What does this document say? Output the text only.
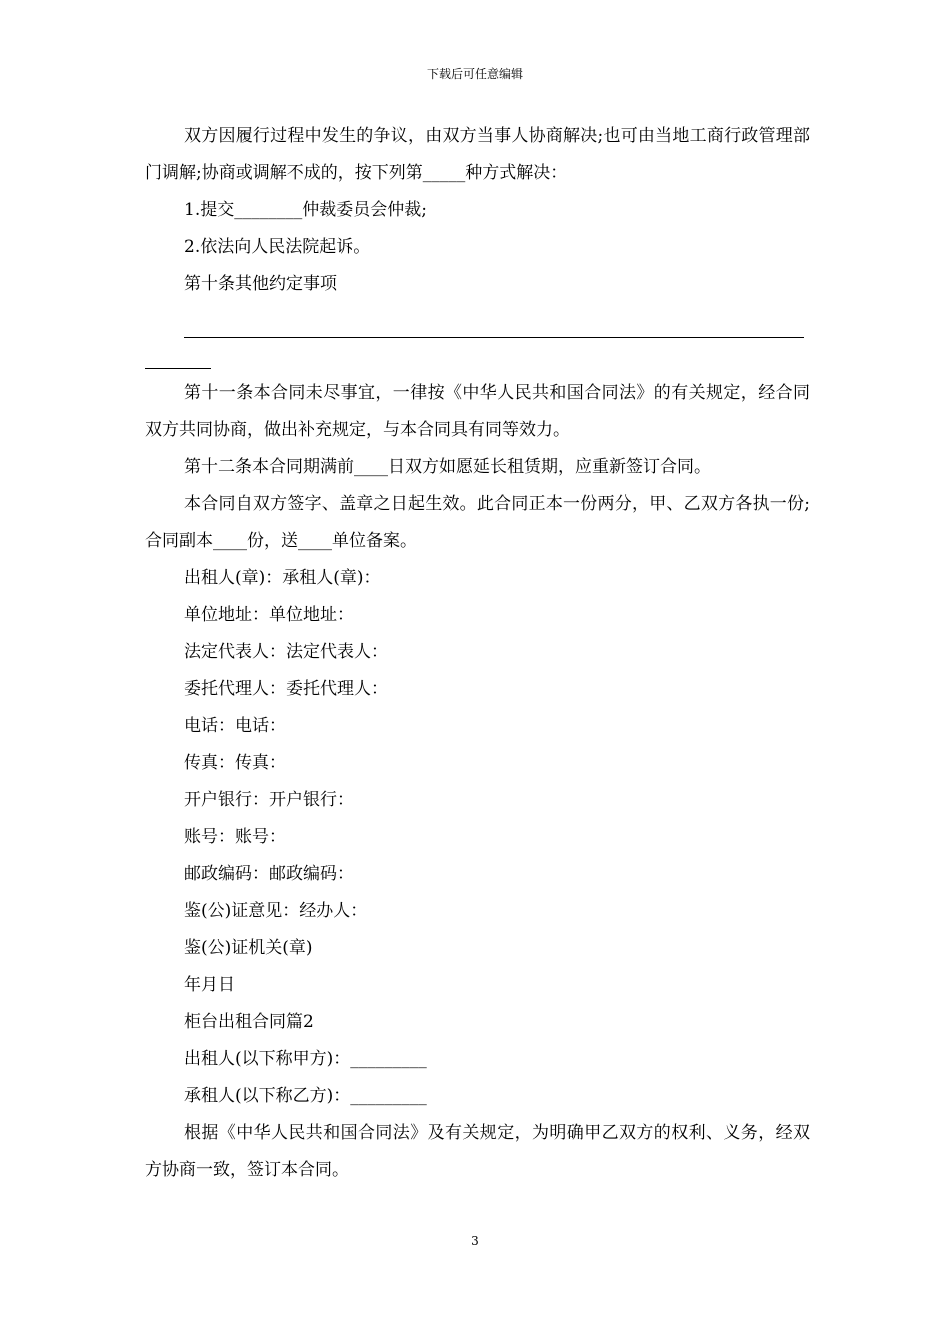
下载后可任意编辑

双方因履行过程中发生的争议，由双方当事人协商解决;也可由当地工商行政管理部门调解;协商或调解不成的，按下列第_____种方式解决：

1.提交________仲裁委员会仲裁;

2.依法向人民法院起诉。

第十条其他约定事项

第十一条本合同未尽事宜，一律按《中华人民共和国合同法》的有关规定，经合同双方共同协商，做出补充规定，与本合同具有同等效力。

第十二条本合同期满前____日双方如愿延长租赁期，应重新签订合同。

本合同自双方签字、盖章之日起生效。此合同正本一份两分，甲、乙双方各执一份;合同副本____份，送____单位备案。

出租人(章)：承租人(章)：

单位地址：单位地址：

法定代表人：法定代表人：

委托代理人：委托代理人：

电话：电话：

传真：传真：

开户银行：开户银行：

账号：账号：

邮政编码：邮政编码：

鉴(公)证意见：经办人：

鉴(公)证机关(章)

年月日

柜台出租合同篇2

出租人(以下称甲方)：_________

承租人(以下称乙方)：_________

根据《中华人民共和国合同法》及有关规定，为明确甲乙双方的权利、义务，经双方协商一致，签订本合同。

3
